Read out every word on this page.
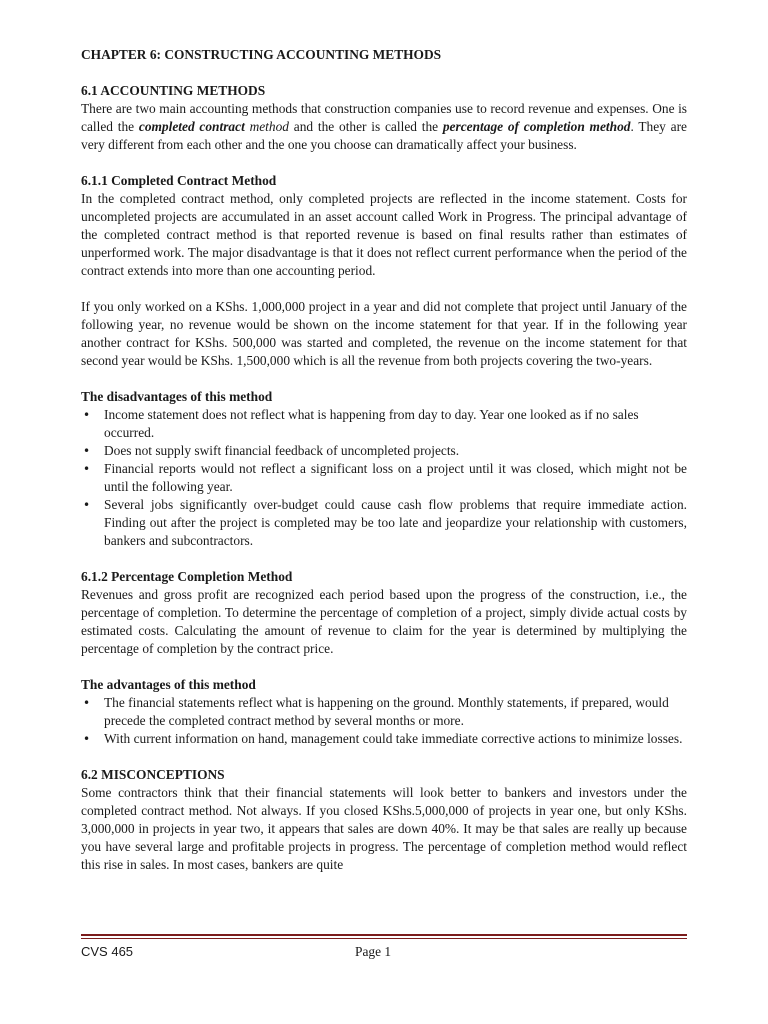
CHAPTER 6: CONSTRUCTING ACCOUNTING METHODS
6.1 ACCOUNTING METHODS

There are two main accounting methods that construction companies use to record revenue and expenses. One is called the completed contract method and the other is called the percentage of completion method. They are very different from each other and the one you choose can dramatically affect your business.

6.1.1 Completed Contract Method

In the completed contract method, only completed projects are reflected in the income statement. Costs for uncompleted projects are accumulated in an asset account called Work in Progress. The principal advantage of the completed contract method is that reported revenue is based on final results rather than estimates of unperformed work. The major disadvantage is that it does not reflect current performance when the period of the contract extends into more than one accounting period.

If you only worked on a KShs. 1,000,000 project in a year and did not complete that project until January of the following year, no revenue would be shown on the income statement for that year. If in the following year another contract for KShs. 500,000 was started and completed, the revenue on the income statement for that second year would be KShs. 1,500,000 which is all the revenue from both projects covering the two-years.

The disadvantages of this method
• Income statement does not reflect what is happening from day to day. Year one looked as if no sales occurred.
• Does not supply swift financial feedback of uncompleted projects.
• Financial reports would not reflect a significant loss on a project until it was closed, which might not be until the following year.
• Several jobs significantly over-budget could cause cash flow problems that require immediate action. Finding out after the project is completed may be too late and jeopardize your relationship with customers, bankers and subcontractors.
6.1.2 Percentage Completion Method

Revenues and gross profit are recognized each period based upon the progress of the construction, i.e., the percentage of completion. To determine the percentage of completion of a project, simply divide actual costs by estimated costs. Calculating the amount of revenue to claim for the year is determined by multiplying the percentage of completion by the contract price.

The advantages of this method
• The financial statements reflect what is happening on the ground. Monthly statements, if prepared, would precede the completed contract method by several months or more.
• With current information on hand, management could take immediate corrective actions to minimize losses.
6.2 MISCONCEPTIONS

Some contractors think that their financial statements will look better to bankers and investors under the completed contract method. Not always. If you closed KShs.5,000,000 of projects in year one, but only KShs. 3,000,000 in projects in year two, it appears that sales are down 40%. It may be that sales are really up because you have several large and profitable projects in progress. The percentage of completion method would reflect this rise in sales. In most cases, bankers are quite

CVS 465	Page 1
